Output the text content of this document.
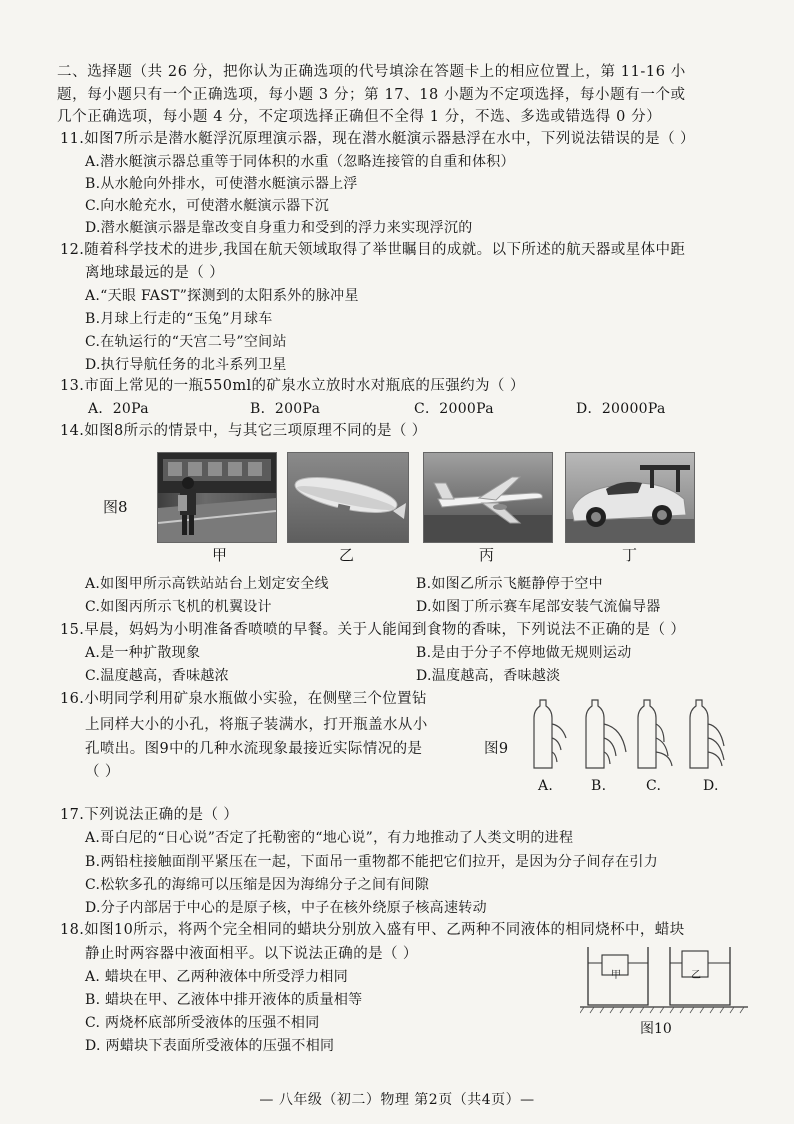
二、选择题（共 26 分，把你认为正确选项的代号填涂在答题卡上的相应位置上，第 11-16 小
题，每小题只有一个正确选项，每小题 3 分；第 17、18 小题为不定项选择，每小题有一个或
几个正确选项，每小题 4 分，不定项选择正确但不全得 1 分，不选、多选或错选得 0 分）
11.如图7所示是潜水艇浮沉原理演示器，现在潜水艇演示器悬浮在水中，下列说法错误的是（ ）
A.潜水艇演示器总重等于同体积的水重（忽略连接管的自重和体积）
B.从水舱向外排水，可使潜水艇演示器上浮
C.向水舱充水，可使潜水艇演示器下沉
D.潜水艇演示器是靠改变自身重力和受到的浮力来实现浮沉的
12.随着科学技术的进步,我国在航天领域取得了举世瞩目的成就。以下所述的航天器或星体中距
离地球最远的是（ ）
A.“天眼 FAST”探测到的太阳系外的脉冲星
B.月球上行走的“玉兔”月球车
C.在轨运行的“天宫二号”空间站
D.执行导航任务的北斗系列卫星
13.市面上常见的一瓶550ml的矿泉水立放时水对瓶底的压强约为（ ）
A．20Pa	B．200Pa	C．2000Pa	D．20000Pa
14.如图8所示的情景中，与其它三项原理不同的是（ ）
图8
甲	乙	丙	丁
A.如图甲所示高铁站站台上划定安全线	B.如图乙所示飞艇静停于空中
C.如图丙所示飞机的机翼设计	D.如图丁所示赛车尾部安装气流偏导器
15.早晨，妈妈为小明准备香喷喷的早餐。关于人能闻到食物的香味，下列说法不正确的是（ ）
A.是一种扩散现象	B.是由于分子不停地做无规则运动
C.温度越高，香味越浓	D.温度越高，香味越淡
16.小明同学利用矿泉水瓶做小实验，在侧壁三个位置钻
上同样大小的小孔，将瓶子装满水，打开瓶盖水从小
孔喷出。图9中的几种水流现象最接近实际情况的是	图9
（ ）
A.	B.	C.	D.
17.下列说法正确的是（ ）
A.哥白尼的“日心说”否定了托勒密的“地心说”，有力地推动了人类文明的进程
B.两铅柱接触面削平紧压在一起，下面吊一重物都不能把它们拉开，是因为分子间存在引力
C.松软多孔的海绵可以压缩是因为海绵分子之间有间隙
D.分子内部居于中心的是原子核，中子在核外绕原子核高速转动
18.如图10所示，将两个完全相同的蜡块分别放入盛有甲、乙两种不同液体的相同烧杯中，蜡块
静止时两容器中液面相平。以下说法正确的是（ ）
A. 蜡块在甲、乙两种液体中所受浮力相同
B. 蜡块在甲、乙液体中排开液体的质量相等
C. 两烧杯底部所受液体的压强不相同
D. 两蜡块下表面所受液体的压强不相同
甲	乙
图10
— 八年级（初二）物理 第2页（共4页）—
